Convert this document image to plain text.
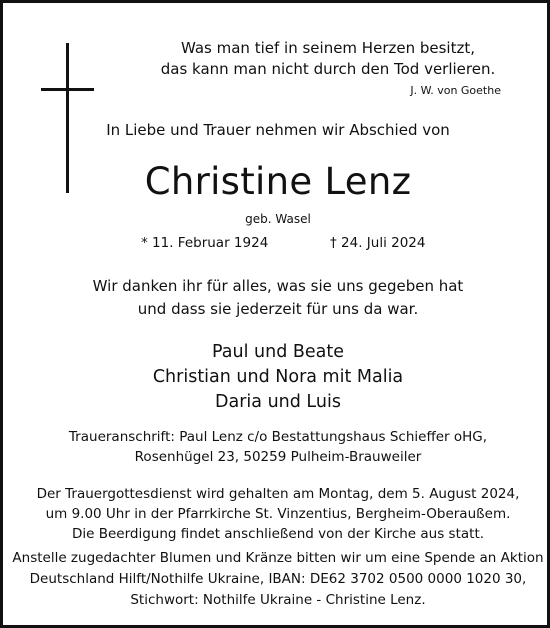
Was man tief in seinem Herzen besitzt,
das kann man nicht durch den Tod verlieren.
J. W. von Goethe
In Liebe und Trauer nehmen wir Abschied von
Christine Lenz
geb. Wasel
* 11. Februar 1924	† 24. Juli 2024
Wir danken ihr für alles, was sie uns gegeben hat
und dass sie jederzeit für uns da war.
Paul und Beate
Christian und Nora mit Malia
Daria und Luis
Traueranschrift: Paul Lenz c/o Bestattungshaus Schieffer oHG,
Rosenhügel 23, 50259 Pulheim-Brauweiler
Der Trauergottesdienst wird gehalten am Montag, dem 5. August 2024,
um 9.00 Uhr in der Pfarrkirche St. Vinzentius, Bergheim-Oberaußem.
Die Beerdigung findet anschließend von der Kirche aus statt.
Anstelle zugedachter Blumen und Kränze bitten wir um eine Spende an Aktion
Deutschland Hilft/Nothilfe Ukraine, IBAN: DE62 3702 0500 0000 1020 30,
Stichwort: Nothilfe Ukraine - Christine Lenz.
